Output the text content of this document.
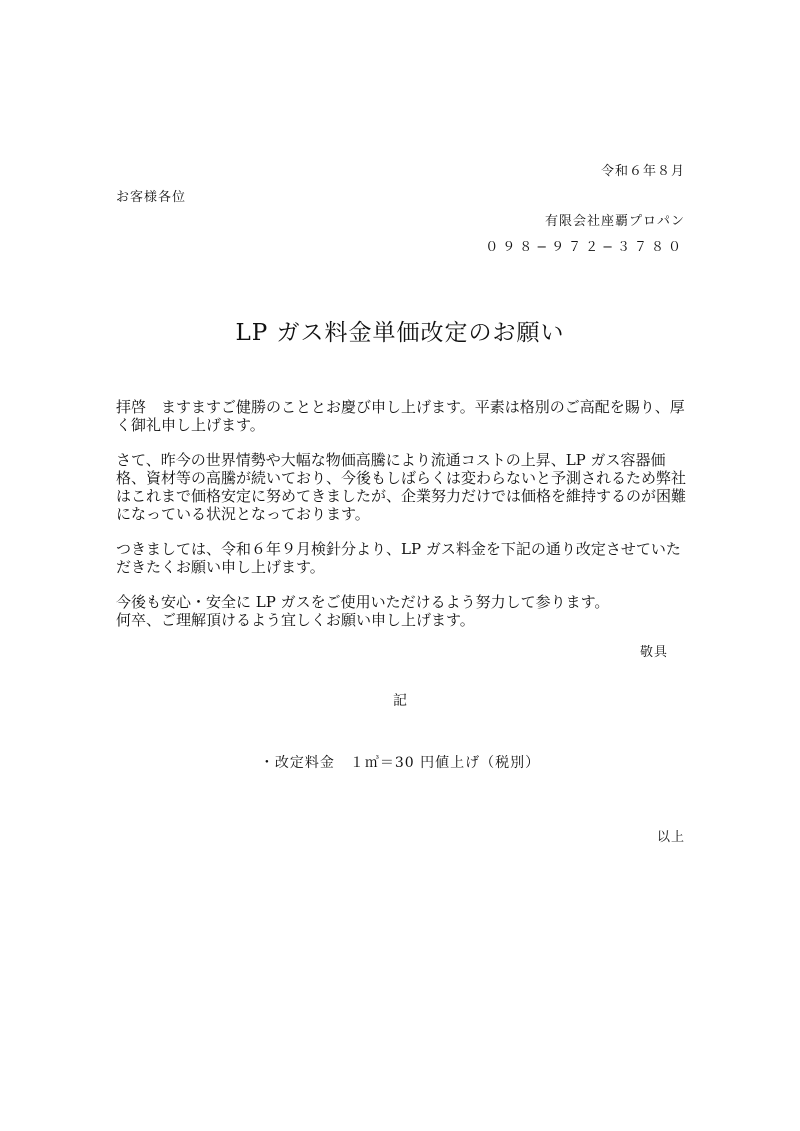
令和６年８月
お客様各位
有限会社座覇プロパン
０９８−９７２−３７８０
LP ガス料金単価改定のお願い

拝啓　ますますご健勝のこととお慶び申し上げます。平素は格別のご高配を賜り、厚く御礼申し上げます。

さて、昨今の世界情勢や大幅な物価高騰により流通コストの上昇、LP ガス容器価格、資材等の高騰が続いており、今後もしばらくは変わらないと予測されるため弊社はこれまで価格安定に努めてきましたが、企業努力だけでは価格を維持するのが困難になっている状況となっております。

つきましては、令和６年９月検針分より、LP ガス料金を下記の通り改定させていただきたくお願い申し上げます。

今後も安心・安全に LP ガスをご使用いただけるよう努力して参ります。
何卒、ご理解頂けるよう宜しくお願い申し上げます。

敬具
記
・改定料金　１㎥＝30 円値上げ（税別）
以上
